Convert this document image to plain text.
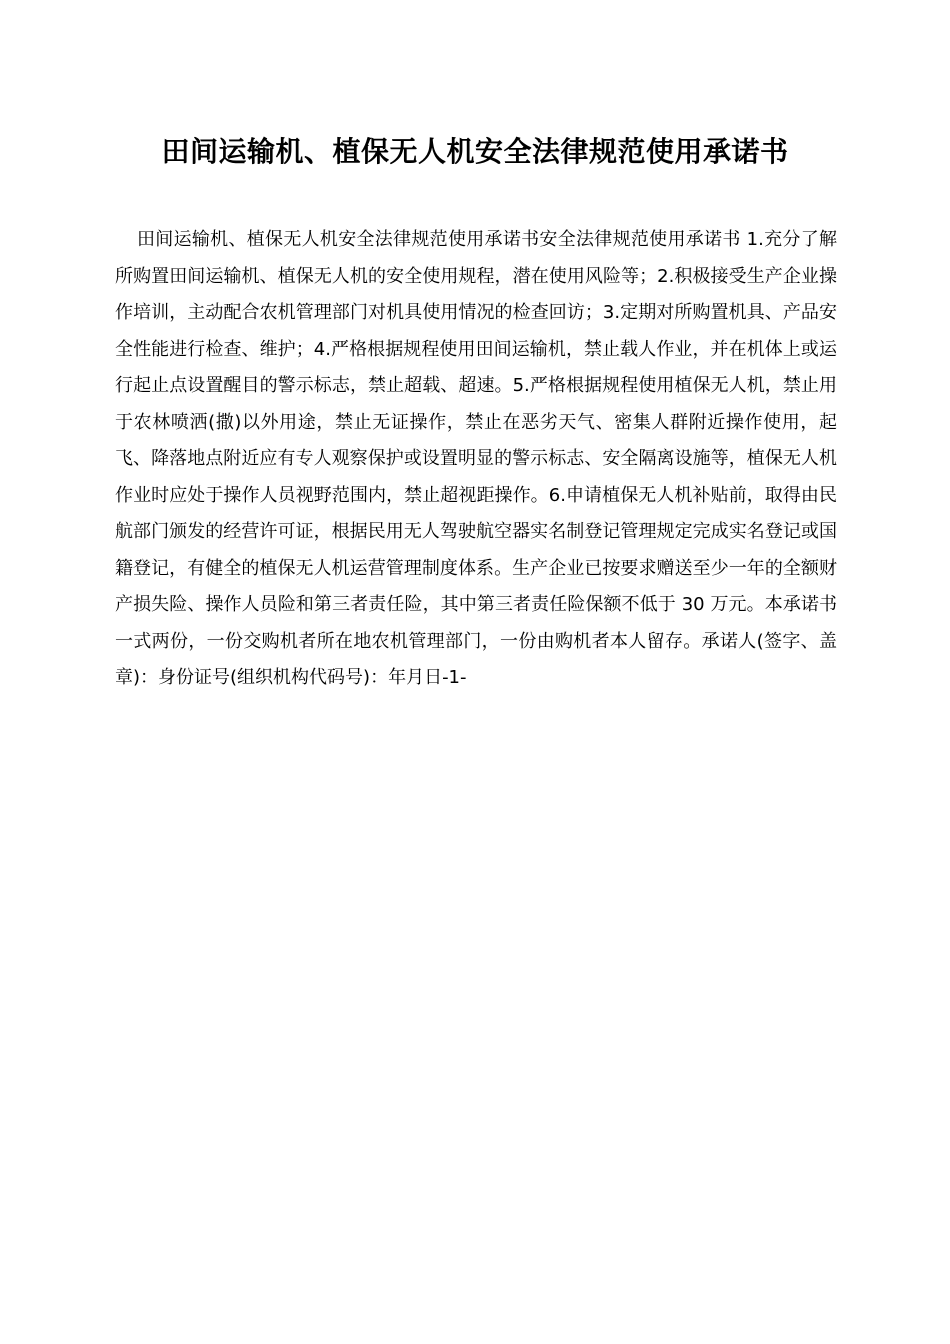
田间运输机、植保无人机安全法律规范使用承诺书

田间运输机、植保无人机安全法律规范使用承诺书安全法律规范使用承诺书 1.充分了解所购置田间运输机、植保无人机的安全使用规程，潜在使用风险等；2.积极接受生产企业操作培训，主动配合农机管理部门对机具使用情况的检查回访；3.定期对所购置机具、产品安全性能进行检查、维护；4.严格根据规程使用田间运输机，禁止载人作业，并在机体上或运行起止点设置醒目的警示标志，禁止超载、超速。5.严格根据规程使用植保无人机，禁止用于农林喷洒(撒)以外用途，禁止无证操作，禁止在恶劣天气、密集人群附近操作使用，起飞、降落地点附近应有专人观察保护或设置明显的警示标志、安全隔离设施等，植保无人机作业时应处于操作人员视野范围内，禁止超视距操作。6.申请植保无人机补贴前，取得由民航部门颁发的经营许可证，根据民用无人驾驶航空器实名制登记管理规定完成实名登记或国籍登记，有健全的植保无人机运营管理制度体系。生产企业已按要求赠送至少一年的全额财产损失险、操作人员险和第三者责任险，其中第三者责任险保额不低于 30 万元。本承诺书一式两份，一份交购机者所在地农机管理部门，一份由购机者本人留存。承诺人(签字、盖章)：身份证号(组织机构代码号)：年月日-1-
